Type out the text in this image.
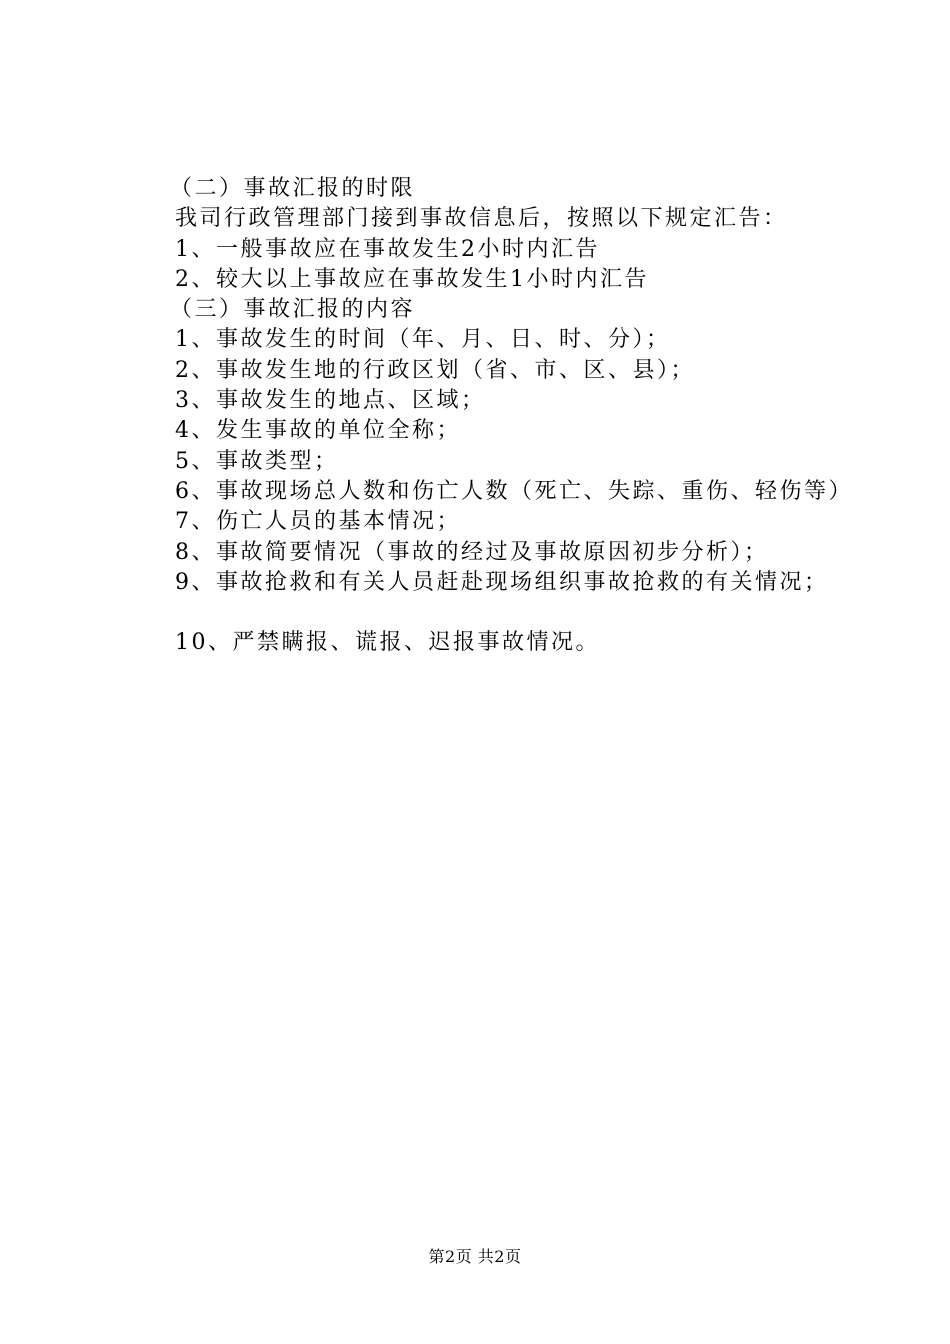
（二）事故汇报的时限

我司行政管理部门接到事故信息后，按照以下规定汇告：

1、一般事故应在事故发生2小时内汇告

2、较大以上事故应在事故发生1小时内汇告

（三）事故汇报的内容

1、事故发生的时间（年、月、日、时、分）；

2、事故发生地的行政区划（省、市、区、县）；

3、事故发生的地点、区域；

4、发生事故的单位全称；

5、事故类型；

6、事故现场总人数和伤亡人数（死亡、失踪、重伤、轻伤等）

7、伤亡人员的基本情况；

8、事故简要情况（事故的经过及事故原因初步分析）；

9、事故抢救和有关人员赶赴现场组织事故抢救的有关情况；

10、严禁瞒报、谎报、迟报事故情况。

第2页 共2页
